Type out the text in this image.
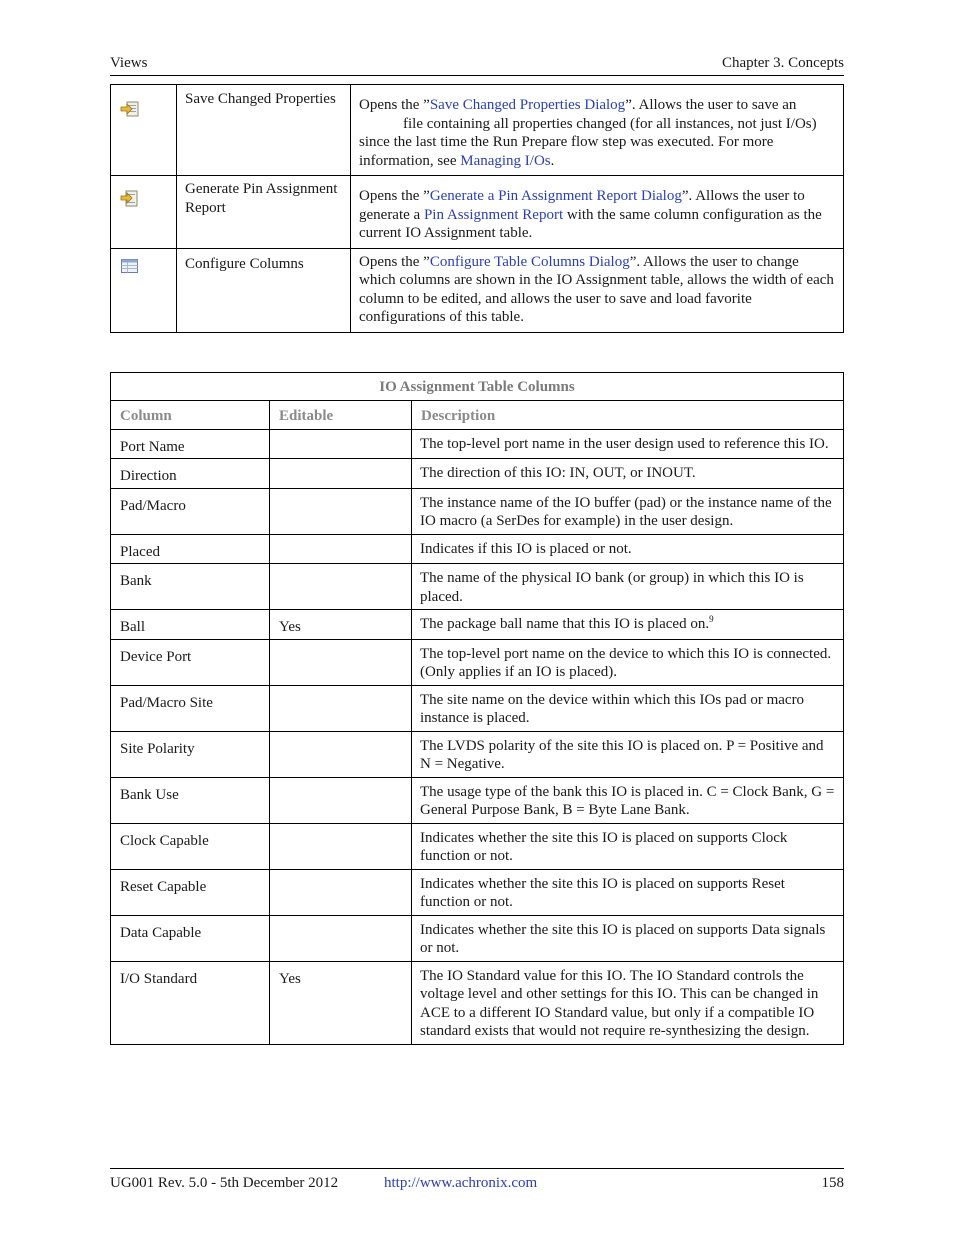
Views	Chapter 3. Concepts
	Save Changed Properties	Opens the ”Save Changed Properties Dialog”. Allows the user to save anfile containing all properties changed (for all instances, not just I/Os) since the last time the Run Prepare flow step was executed. For more information, see Managing I/Os.
	Generate Pin Assignment Report	Opens the ”Generate a Pin Assignment Report Dialog”. Allows the user to generate a Pin Assignment Report with the same column configuration as the current IO Assignment table.
	Configure Columns	Opens the ”Configure Table Columns Dialog”. Allows the user to change which columns are shown in the IO Assignment table, allows the width of each column to be edited, and allows the user to save and load favorite configurations of this table.
IO Assignment Table Columns		
Column	Editable	Description
Port Name		The top-level port name in the user design used to reference this IO.
Direction		The direction of this IO: IN, OUT, or INOUT.
Pad/Macro		The instance name of the IO buffer (pad) or the instance name of the IO macro (a SerDes for example) in the user design.
Placed		Indicates if this IO is placed or not.
Bank		The name of the physical IO bank (or group) in which this IO is placed.
Ball	Yes	The package ball name that this IO is placed on.$^9$
Device Port		The top-level port name on the device to which this IO is connected. (Only applies if an IO is placed).
Pad/Macro Site		The site name on the device within which this IOs pad or macro instance is placed.
Site Polarity		The LVDS polarity of the site this IO is placed on. P = Positive and N = Negative.
Bank Use		The usage type of the bank this IO is placed in. C = Clock Bank, G = General Purpose Bank, B = Byte Lane Bank.
Clock Capable		Indicates whether the site this IO is placed on supports Clock function or not.
Reset Capable		Indicates whether the site this IO is placed on supports Reset function or not.
Data Capable		Indicates whether the site this IO is placed on supports Data signals or not.
I/O Standard	Yes	The IO Standard value for this IO. The IO Standard controls the voltage level and other settings for this IO. This can be changed in ACE to a different IO Standard value, but only if a compatible IO standard exists that would not require re-synthesizing the design.
UG001 Rev. 5.0 - 5th December 2012	http://www.achronix.com	158
